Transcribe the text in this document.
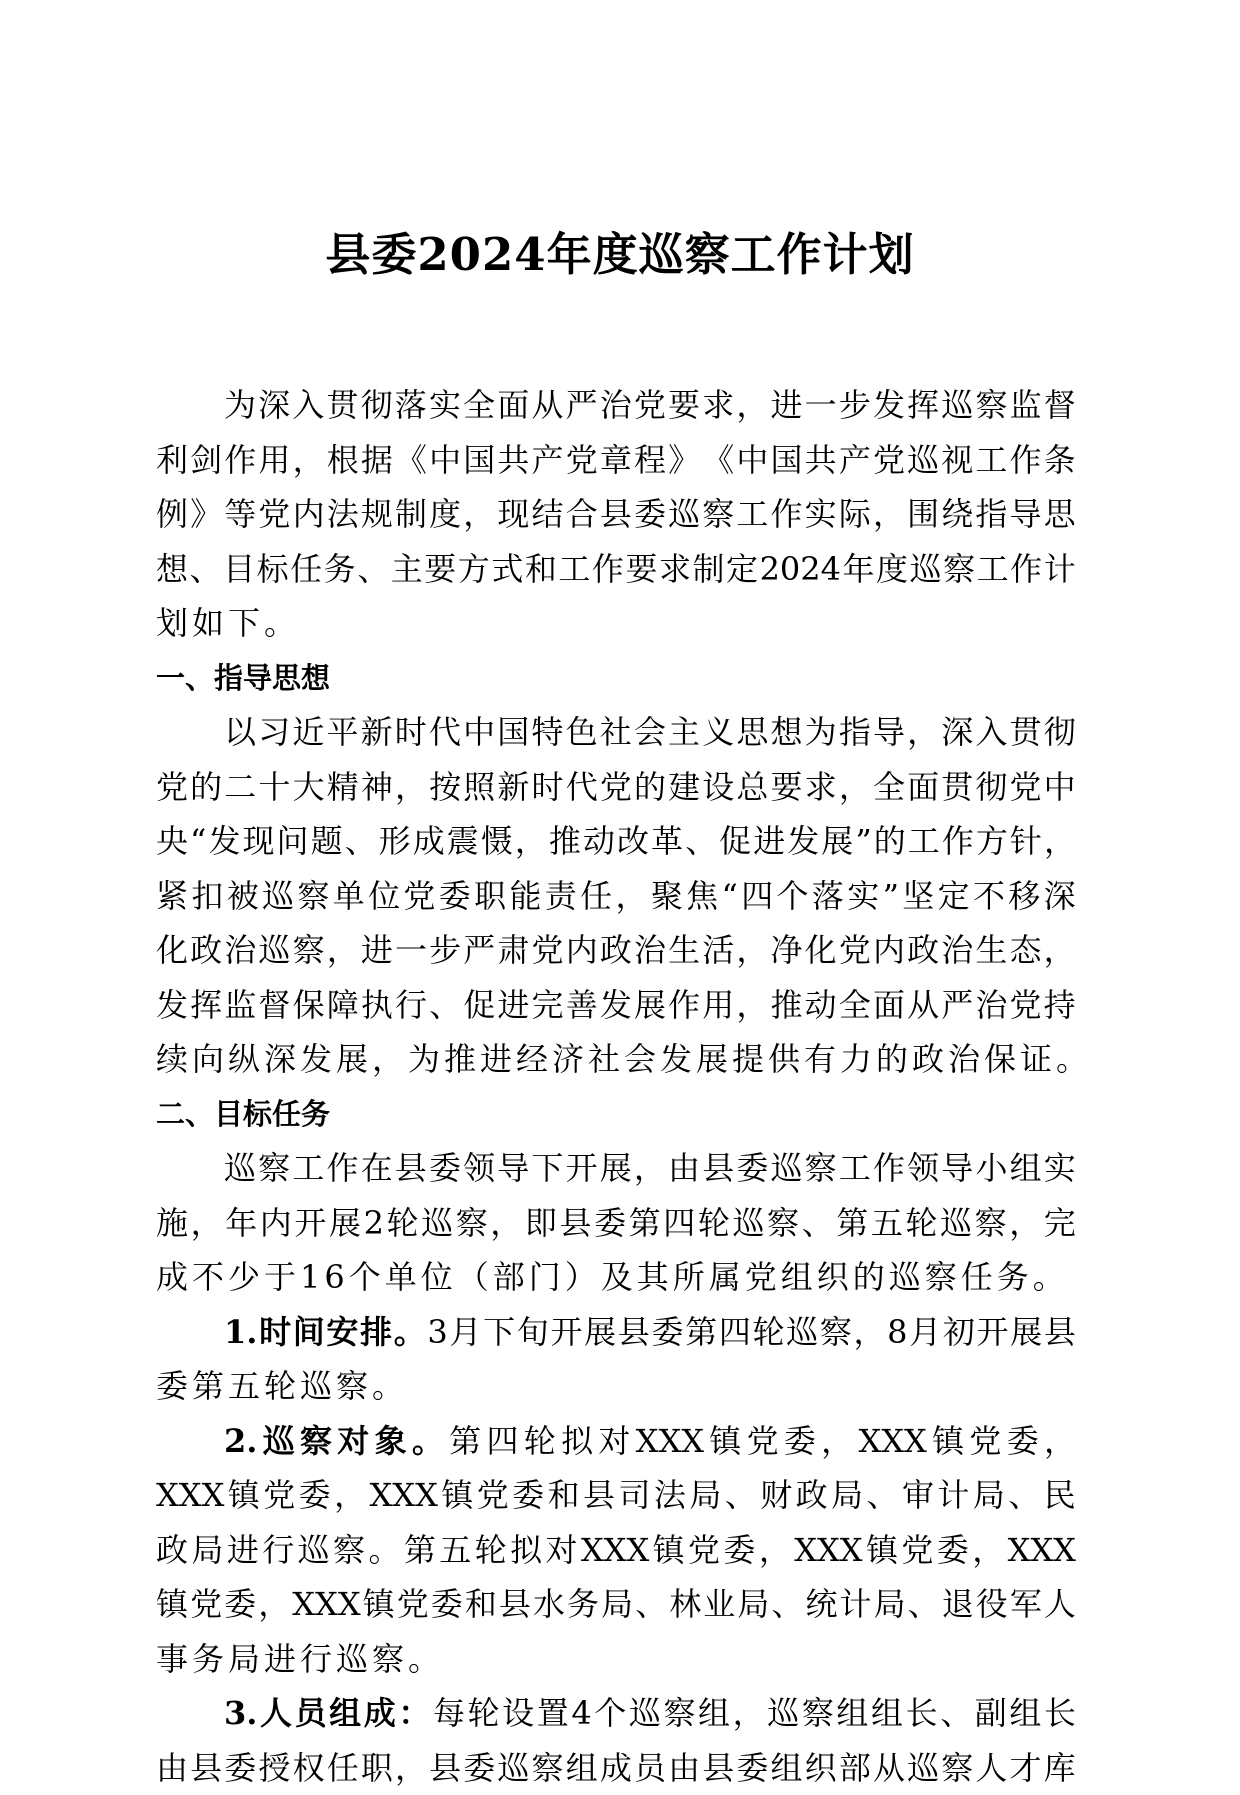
县委2024年度巡察工作计划
为 深 入 贯 彻 落 实 全 面 从 严 治 党 要 求 ， 进 一 步 发 挥 巡 察 监 督
利 剑 作 用 ， 根 据 《 中 国 共 产 党 章 程 》 《 中 国 共 产 党 巡 视 工 作 条
例 》 等 党 内 法 规 制 度 ， 现 结 合 县 委 巡 察 工 作 实 际 ， 围 绕 指 导 思
想 、 目 标 任 务 、 主 要 方 式 和 工 作 要 求 制 定 2024 年 度 巡 察 工 作 计
划如下。
一、指导思想
以 习 近 平 新 时 代 中 国 特 色 社 会 主 义 思 想 为 指 导 ， 深 入 贯 彻
党 的 二 十 大 精 神 ， 按 照 新 时 代 党 的 建 设 总 要 求 ， 全 面 贯 彻 党 中
央 “ 发 现 问 题 、 形 成 震 慑 ， 推 动 改 革 、 促 进 发 展 ” 的 工 作 方 针 ，
紧 扣 被 巡 察 单 位 党 委 职 能 责 任 ， 聚 焦 “ 四 个 落 实 ” 坚 定 不 移 深
化 政 治 巡 察 ， 进 一 步 严 肃 党 内 政 治 生 活 ， 净 化 党 内 政 治 生 态 ，
发 挥 监 督 保 障 执 行 、 促 进 完 善 发 展 作 用 ， 推 动 全 面 从 严 治 党 持
续向纵深发展，为推进经济社会发展提供有力的政治保证。
二、目标任务
巡 察 工 作 在 县 委 领 导 下 开 展 ， 由 县 委 巡 察 工 作 领 导 小 组 实
施 ， 年 内 开 展 2 轮 巡 察 ， 即 县 委 第 四 轮 巡 察 、 第 五 轮 巡 察 ， 完
成不少于16个单位（部门）及其所属党组织的巡察任务。
1. 时 间 安 排 。 3 月 下 旬 开 展 县 委 第 四 轮 巡 察 ， 8 月 初 开 展 县
委第五轮巡察。
2. 巡 察 对 象 。 第 四 轮 拟 对 XXX 镇 党 委 ， XXX 镇 党 委 ，
XXX 镇 党 委 ， XXX 镇 党 委 和 县 司 法 局 、 财 政 局 、 审 计 局 、 民
政 局 进 行 巡 察 。 第 五 轮 拟 对 XXX 镇 党 委 ， XXX 镇 党 委 ， XXX
镇 党 委 ， XXX 镇 党 委 和 县 水 务 局 、 林 业 局 、 统 计 局 、 退 役 军 人
事务局进行巡察。
3. 人 员 组 成 ： 每 轮 设 置 4 个 巡 察 组 ， 巡 察 组 组 长 、 副 组 长
由 县 委 授 权 任 职 ， 县 委 巡 察 组 成 员 由 县 委 组 织 部 从 巡 察 人 才 库
